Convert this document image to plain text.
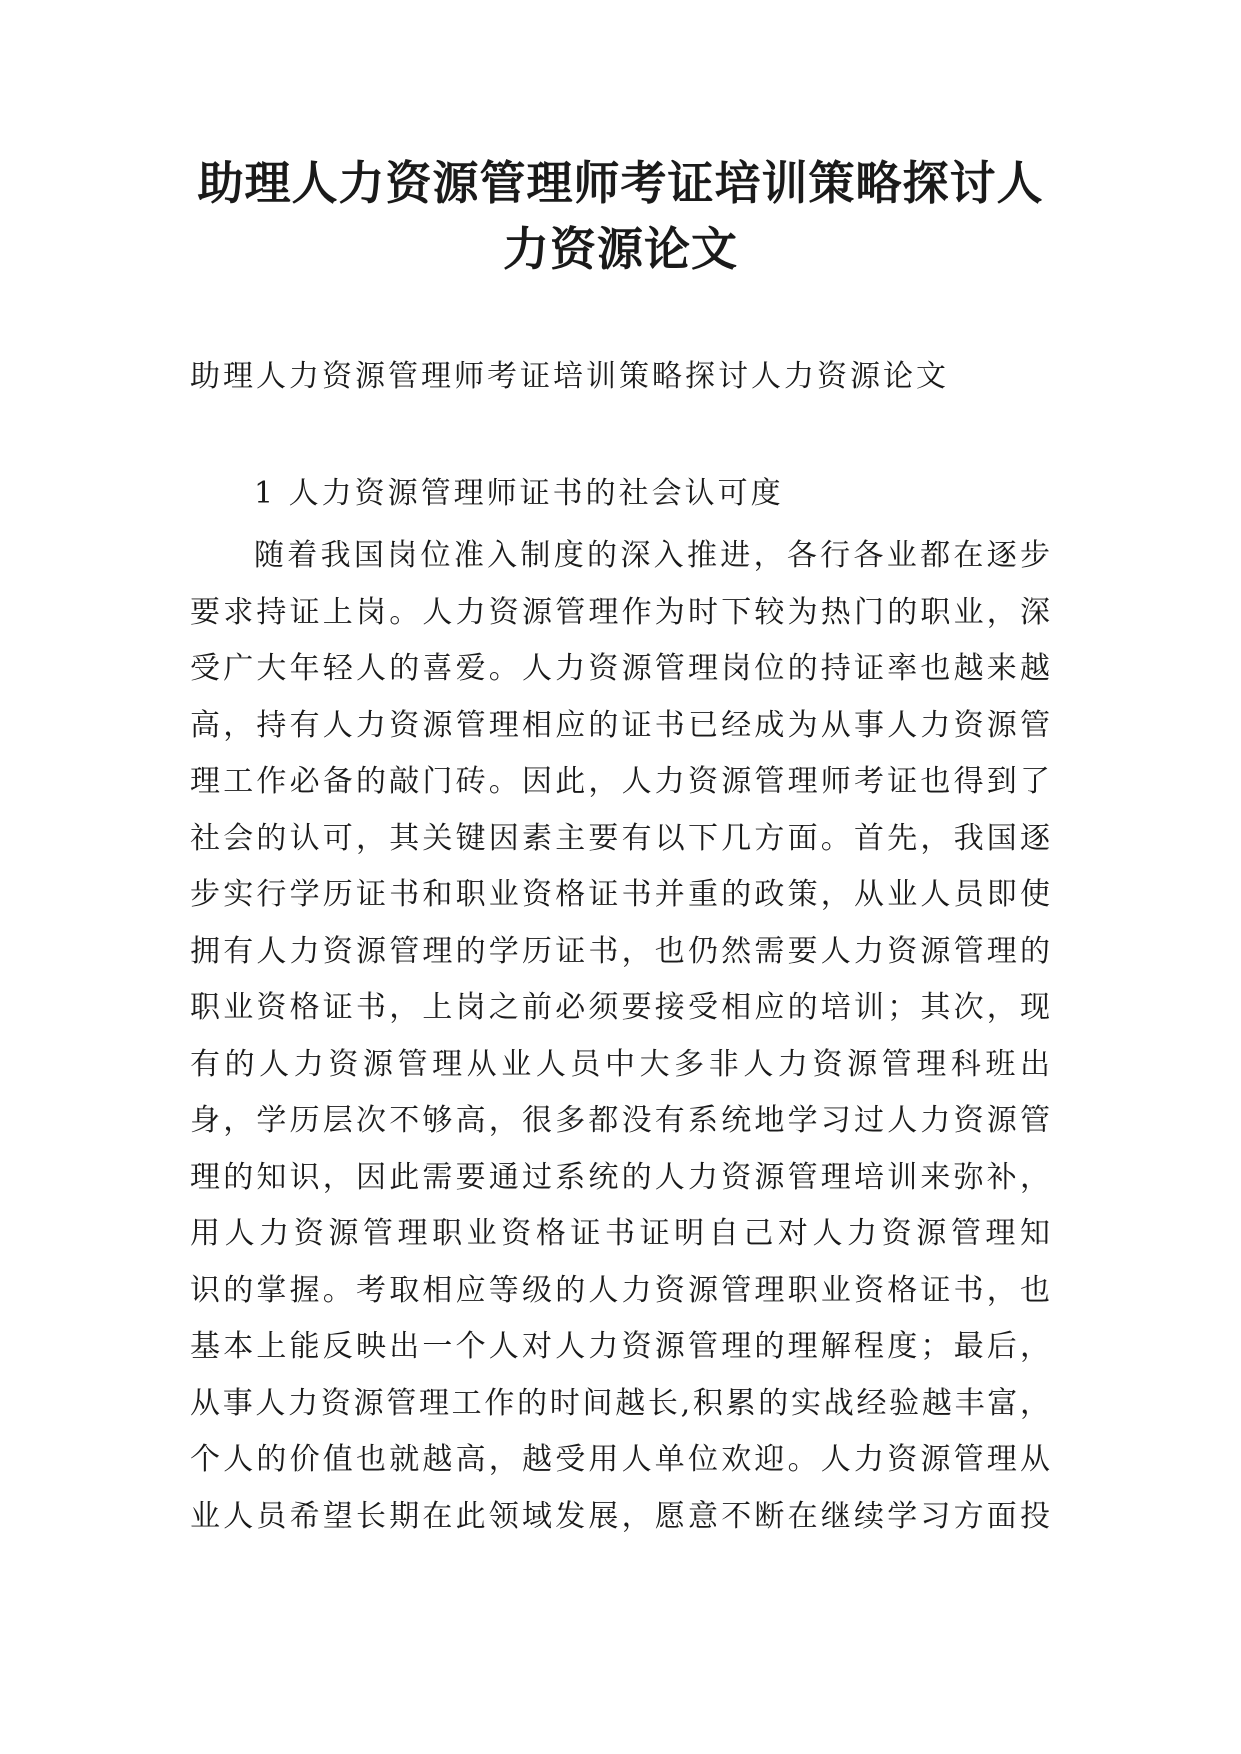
助理人力资源管理师考证培训策略探讨人
力资源论文

助理人力资源管理师考证培训策略探讨人力资源论文

1 人力资源管理师证书的社会认可度

随着我国岗位准入制度的深入推进，各行各业都在逐步
要求持证上岗。人力资源管理作为时下较为热门的职业，深
受广大年轻人的喜爱。人力资源管理岗位的持证率也越来越
高，持有人力资源管理相应的证书已经成为从事人力资源管
理工作必备的敲门砖。因此，人力资源管理师考证也得到了
社会的认可，其关键因素主要有以下几方面。首先，我国逐
步实行学历证书和职业资格证书并重的政策，从业人员即使
拥有人力资源管理的学历证书，也仍然需要人力资源管理的
职业资格证书，上岗之前必须要接受相应的培训；其次，现
有的人力资源管理从业人员中大多非人力资源管理科班出
身，学历层次不够高，很多都没有系统地学习过人力资源管
理的知识，因此需要通过系统的人力资源管理培训来弥补，
用人力资源管理职业资格证书证明自己对人力资源管理知
识的掌握。考取相应等级的人力资源管理职业资格证书，也
基本上能反映出一个人对人力资源管理的理解程度；最后，
从事人力资源管理工作的时间越长,积累的实战经验越丰富，
个人的价值也就越高，越受用人单位欢迎。人力资源管理从
业人员希望长期在此领域发展，愿意不断在继续学习方面投
